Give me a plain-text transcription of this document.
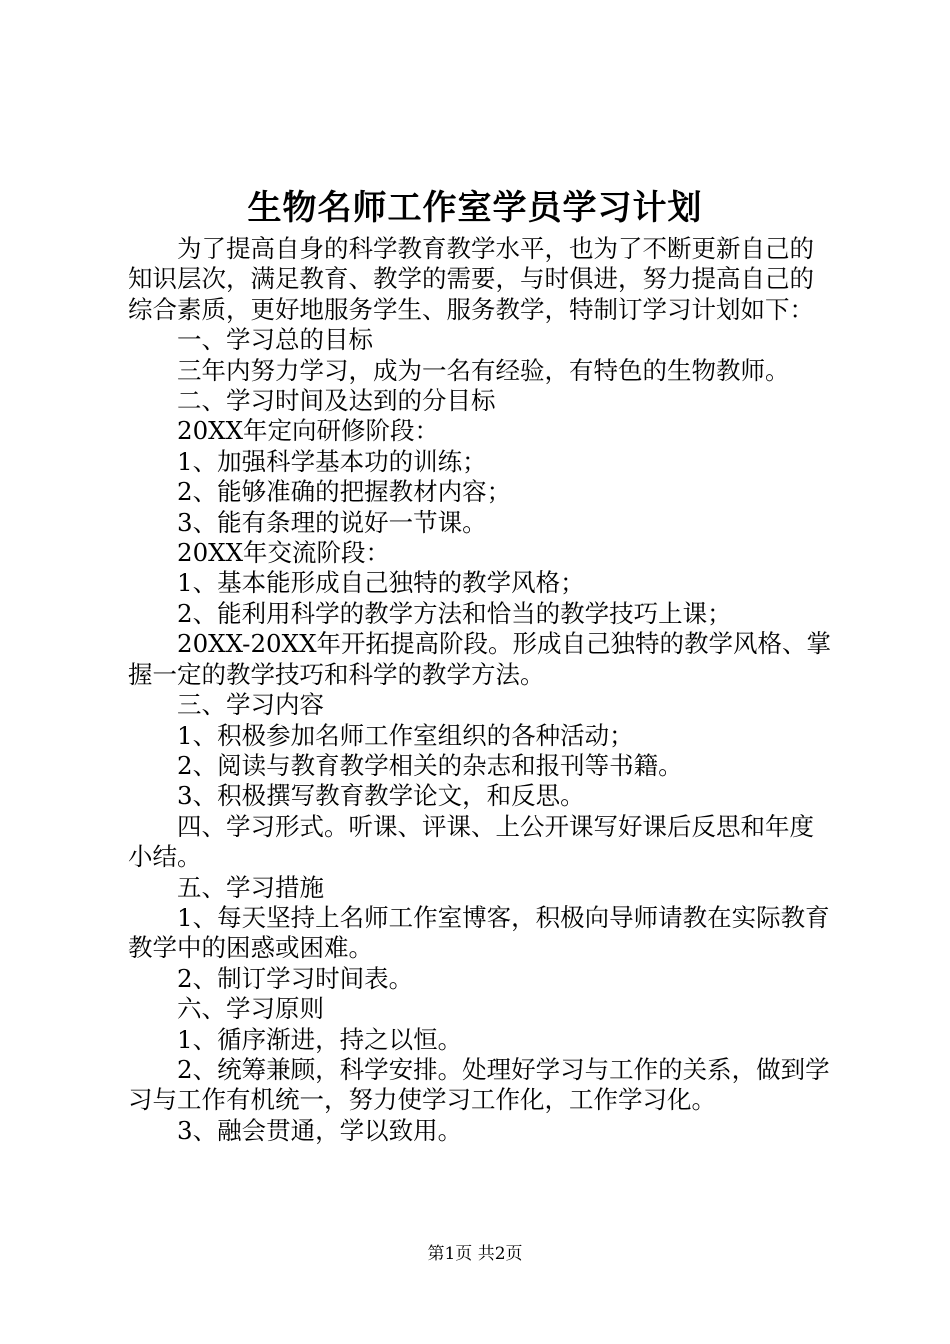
生物名师工作室学员学习计划

为了提高自身的科学教育教学水平，也为了不断更新自己的知识层次，满足教育、教学的需要，与时俱进，努力提高自己的综合素质，更好地服务学生、服务教学，特制订学习计划如下：

一、学习总的目标

三年内努力学习，成为一名有经验，有特色的生物教师。

二、学习时间及达到的分目标

20XX年定向研修阶段：

1、加强科学基本功的训练；

2、能够准确的把握教材内容；

3、能有条理的说好一节课。

20XX年交流阶段：

1、基本能形成自己独特的教学风格；

2、能利用科学的教学方法和恰当的教学技巧上课；

20XX-20XX年开拓提高阶段。形成自己独特的教学风格、掌握一定的教学技巧和科学的教学方法。

三、学习内容

1、积极参加名师工作室组织的各种活动；

2、阅读与教育教学相关的杂志和报刊等书籍。

3、积极撰写教育教学论文，和反思。

四、学习形式。听课、评课、上公开课写好课后反思和年度小结。

五、学习措施

1、每天坚持上名师工作室博客，积极向导师请教在实际教育教学中的困惑或困难。

2、制订学习时间表。

六、学习原则

1、循序渐进，持之以恒。

2、统筹兼顾，科学安排。处理好学习与工作的关系，做到学习与工作有机统一，努力使学习工作化，工作学习化。

3、融会贯通，学以致用。

第1页 共2页
